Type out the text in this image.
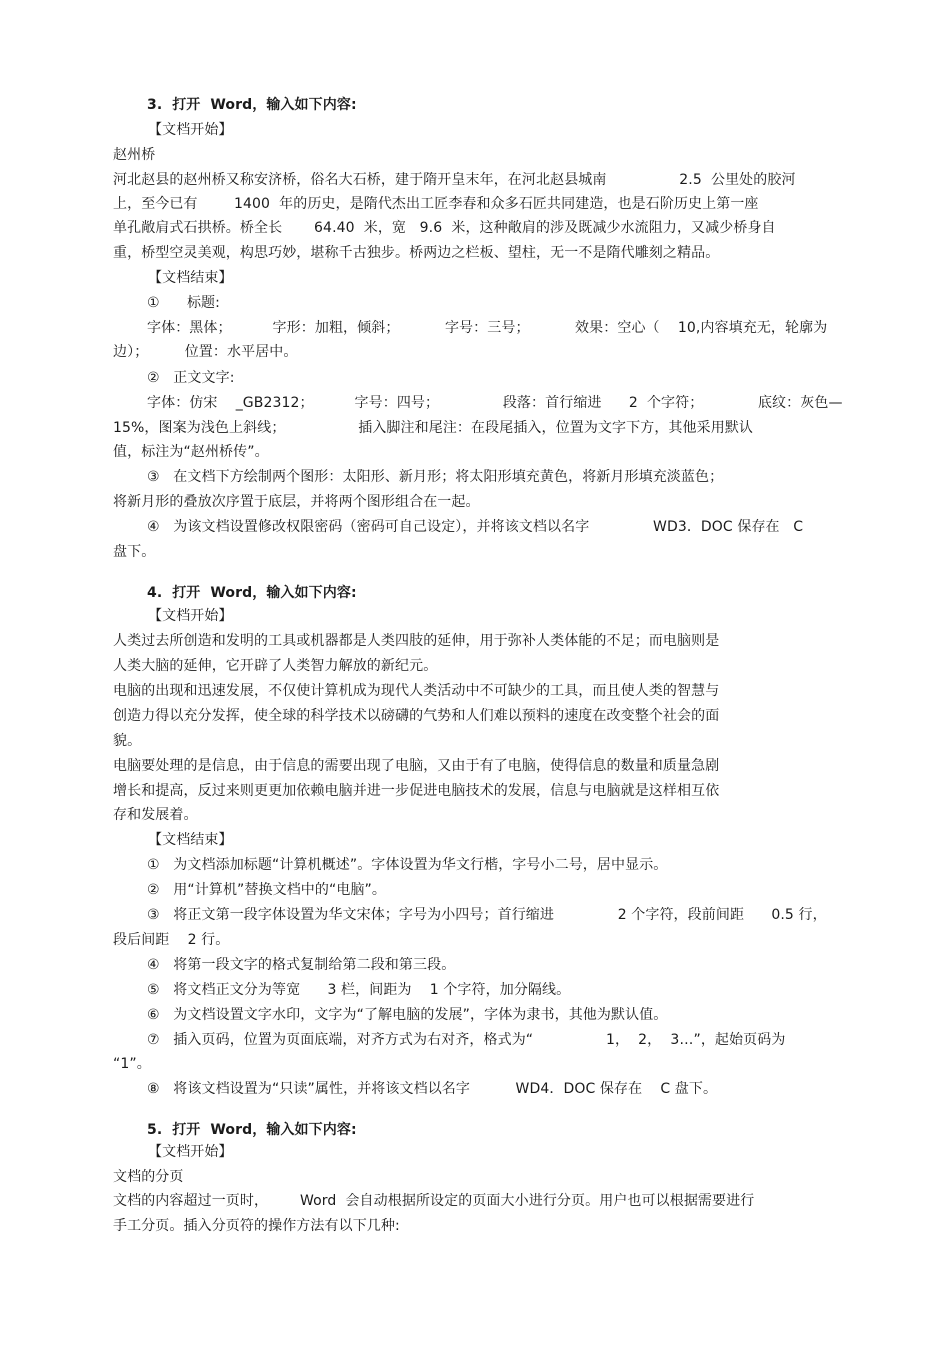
3.  打开  Word，输入如下内容:
【文档开始】
赵州桥
河北赵县的赵州桥又称安济桥，俗名大石桥，建于隋开皇末年，在河北赵县城南                2.5  公里处的胶河
上，至今已有        1400  年的历史，是隋代杰出工匠李春和众多石匠共同建造，也是石阶历史上第一座
单孔敞肩式石拱桥。桥全长       64.40  米，宽   9.6  米，这种敞肩的涉及既减少水流阻力，又减少桥身自
重，桥型空灵美观，构思巧妙，堪称千古独步。桥两边之栏板、望柱，无一不是隋代雕刻之精品。
【文档结束】
①      标题:
字体：黑体；         字形：加粗，倾斜；          字号：三号；          效果：空心（    10,内容填充无，轮廓为
边）；        位置：水平居中。
②   正文文字:
字体：仿宋    _GB2312；         字号：四号；              段落：首行缩进      2  个字符；            底纹：灰色—
15%，图案为浅色上斜线；                插入脚注和尾注：在段尾插入，位置为文字下方，其他采用默认
值，标注为“赵州桥传”。
③   在文档下方绘制两个图形：太阳形、新月形；将太阳形填充黄色，将新月形填充淡蓝色；
将新月形的叠放次序置于底层，并将两个图形组合在一起。
④   为该文档设置修改权限密码（密码可自己设定），并将该文档以名字              WD3．DOC 保存在   C
盘下。
4.  打开  Word，输入如下内容:
【文档开始】
人类过去所创造和发明的工具或机器都是人类四肢的延伸，用于弥补人类体能的不足；而电脑则是
人类大脑的延伸，它开辟了人类智力解放的新纪元。
电脑的出现和迅速发展，不仅使计算机成为现代人类活动中不可缺少的工具，而且使人类的智慧与
创造力得以充分发挥，使全球的科学技术以磅礴的气势和人们难以预料的速度在改变整个社会的面
貌。
电脑要处理的是信息，由于信息的需要出现了电脑，又由于有了电脑，使得信息的数量和质量急剧
增长和提高，反过来则更更加依赖电脑并进一步促进电脑技术的发展，信息与电脑就是这样相互依
存和发展着。
【文档结束】
①   为文档添加标题“计算机概述”。字体设置为华文行楷，字号小二号，居中显示。
②   用“计算机”替换文档中的“电脑”。
③   将正文第一段字体设置为华文宋体；字号为小四号；首行缩进              2 个字符，段前间距      0.5 行，
段后间距    2 行。
④   将第一段文字的格式复制给第二段和第三段。
⑤   将文档正文分为等宽      3 栏，间距为    1 个字符，加分隔线。
⑥   为文档设置文字水印，文字为“了解电脑的发展”，字体为隶书，其他为默认值。
⑦   插入页码，位置为页面底端，对齐方式为右对齐，格式为“                1，  2，  3…”，起始页码为
“1”。
⑧   将该文档设置为“只读”属性，并将该文档以名字          WD4．DOC 保存在    C 盘下。
5.  打开  Word，输入如下内容:
【文档开始】
文档的分页
文档的内容超过一页时，       Word  会自动根据所设定的页面大小进行分页。用户也可以根据需要进行
手工分页。插入分页符的操作方法有以下几种:
